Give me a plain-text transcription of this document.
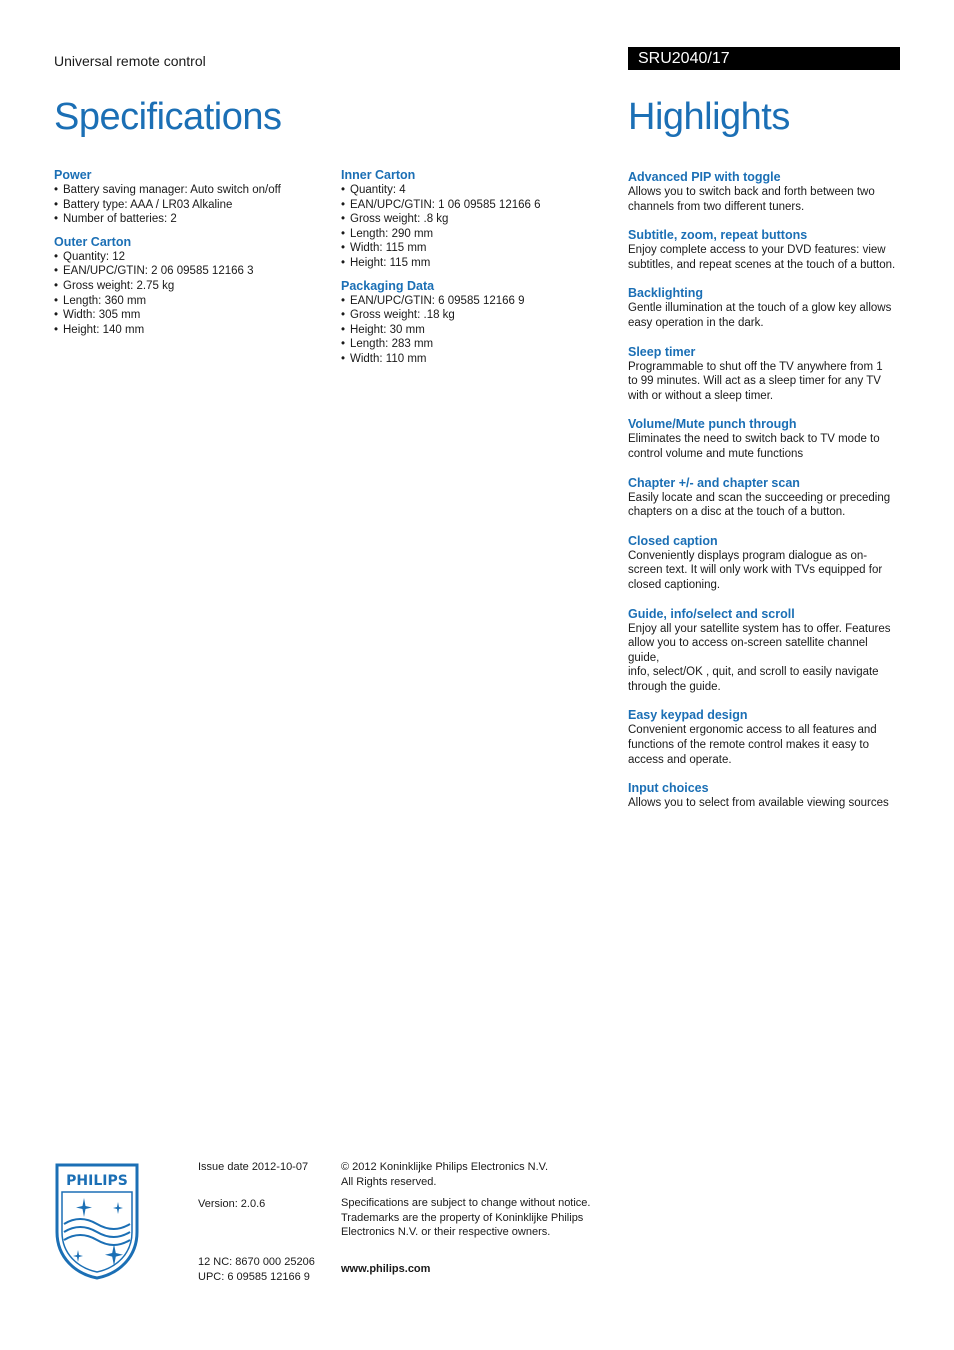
Universal remote control	SRU2040/17
Specifications	Highlights
Power
• Battery saving manager: Auto switch on/off
• Battery type: AAA / LR03 Alkaline
• Number of batteries: 2
Outer Carton
• Quantity: 12
• EAN/UPC/GTIN: 2 06 09585 12166 3
• Gross weight: 2.75 kg
• Length: 360 mm
• Width: 305 mm
• Height: 140 mm
Inner Carton
• Quantity: 4
• EAN/UPC/GTIN: 1 06 09585 12166 6
• Gross weight: .8 kg
• Length: 290 mm
• Width: 115 mm
• Height: 115 mm
Packaging Data
• EAN/UPC/GTIN: 6 09585 12166 9
• Gross weight: .18 kg
• Height: 30 mm
• Length: 283 mm
• Width: 110 mm
Advanced PIP with toggle

Allows you to switch back and forth between two

channels from two different tuners.

Subtitle, zoom, repeat buttons

Enjoy complete access to your DVD features: view

subtitles, and repeat scenes at the touch of a button.

Backlighting

Gentle illumination at the touch of a glow key allows

easy operation in the dark.

Sleep timer

Programmable to shut off the TV anywhere from 1

to 99 minutes. Will act as a sleep timer for any TV

with or without a sleep timer.

Volume/Mute punch through

Eliminates the need to switch back to TV mode to

control volume and mute functions

Chapter +/- and chapter scan

Easily locate and scan the succeeding or preceding

chapters on a disc at the touch of a button.

Closed caption

Conveniently displays program dialogue as on-

screen text. It will only work with TVs equipped for

closed captioning.

Guide, info/select and scroll

Enjoy all your satellite system has to offer. Features

allow you to access on-screen satellite channel guide,

info, select/OK , quit, and scroll to easily navigate

through the guide.

Easy keypad design

Convenient ergonomic access to all features and

functions of the remote control makes it easy to

access and operate.

Input choices

Allows you to select from available viewing sources

PHILIPS
Issue date 2012-10-07
Version: 2.0.6
12 NC: 8670 000 25206
UPC: 6 09585 12166 9
© 2012 Koninklijke Philips Electronics N.V.
All Rights reserved.
Specifications are subject to change without notice.
Trademarks are the property of Koninklijke Philips
Electronics N.V. or their respective owners.
www.philips.com
